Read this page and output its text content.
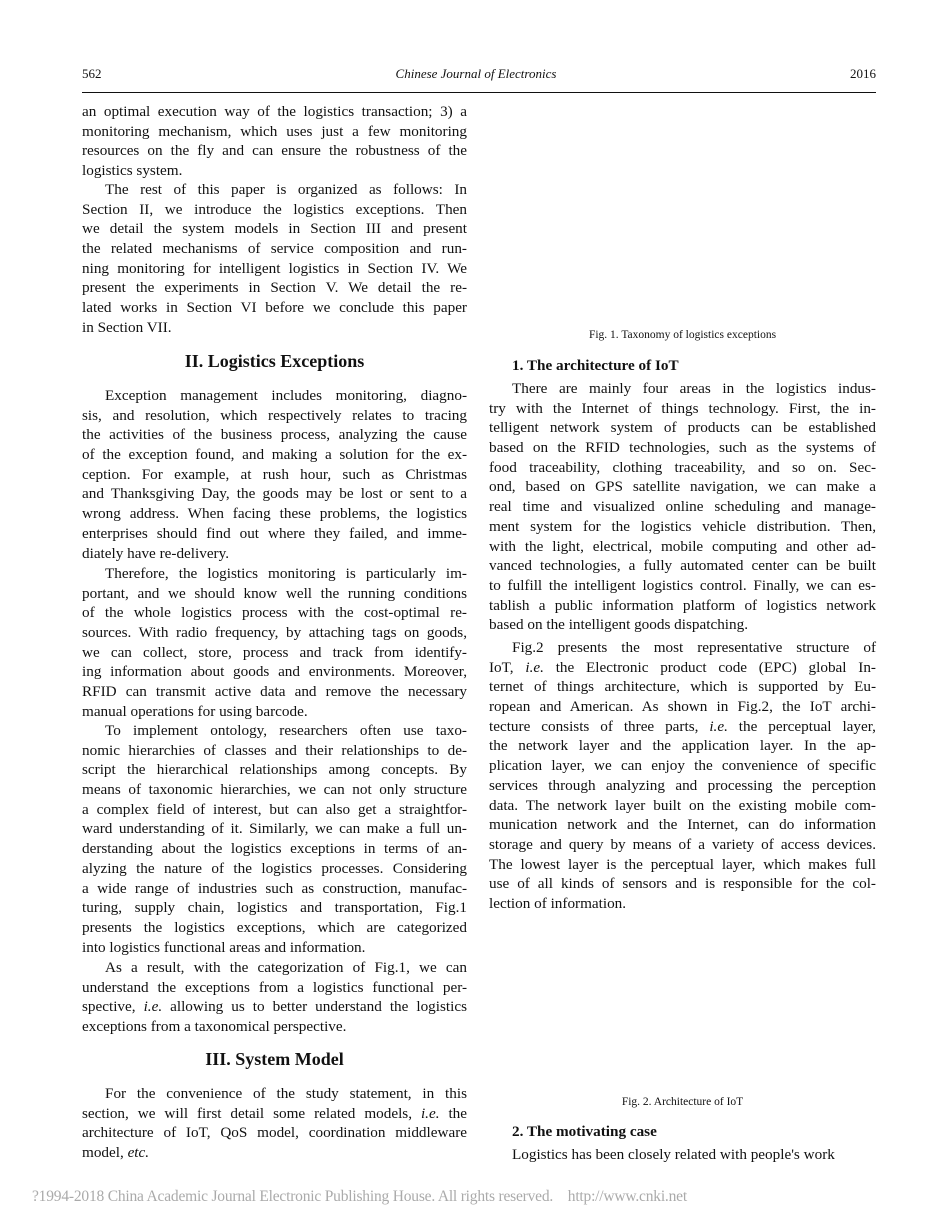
562	Chinese Journal of Electronics	2016
an optimal execution way of the logistics transaction; 3) a
monitoring mechanism, which uses just a few monitoring
resources on the fly and can ensure the robustness of the
logistics system.
The rest of this paper is organized as follows: In
Section II, we introduce the logistics exceptions. Then
we detail the system models in Section III and present
the related mechanisms of service composition and run-
ning monitoring for intelligent logistics in Section IV. We
present the experiments in Section V. We detail the re-
lated works in Section VI before we conclude this paper
in Section VII.
II. Logistics Exceptions
Exception management includes monitoring, diagno-
sis, and resolution, which respectively relates to tracing
the activities of the business process, analyzing the cause
of the exception found, and making a solution for the ex-
ception. For example, at rush hour, such as Christmas
and Thanksgiving Day, the goods may be lost or sent to a
wrong address. When facing these problems, the logistics
enterprises should find out where they failed, and imme-
diately have re-delivery.
Therefore, the logistics monitoring is particularly im-
portant, and we should know well the running conditions
of the whole logistics process with the cost-optimal re-
sources. With radio frequency, by attaching tags on goods,
we can collect, store, process and track from identify-
ing information about goods and environments. Moreover,
RFID can transmit active data and remove the necessary
manual operations for using barcode.
To implement ontology, researchers often use taxo-
nomic hierarchies of classes and their relationships to de-
script the hierarchical relationships among concepts. By
means of taxonomic hierarchies, we can not only structure
a complex field of interest, but can also get a straightfor-
ward understanding of it. Similarly, we can make a full un-
derstanding about the logistics exceptions in terms of an-
alyzing the nature of the logistics processes. Considering
a wide range of industries such as construction, manufac-
turing, supply chain, logistics and transportation, Fig.1
presents the logistics exceptions, which are categorized
into logistics functional areas and information.
As a result, with the categorization of Fig.1, we can
understand the exceptions from a logistics functional per-
spective, i.e. allowing us to better understand the logistics
exceptions from a taxonomical perspective.
III. System Model
For the convenience of the study statement, in this
section, we will first detail some related models, i.e. the
architecture of IoT, QoS model, coordination middleware
model, etc.
Fig. 1. Taxonomy of logistics exceptions
1. The architecture of IoT
There are mainly four areas in the logistics indus-
try with the Internet of things technology. First, the in-
telligent network system of products can be established
based on the RFID technologies, such as the systems of
food traceability, clothing traceability, and so on. Sec-
ond, based on GPS satellite navigation, we can make a
real time and visualized online scheduling and manage-
ment system for the logistics vehicle distribution. Then,
with the light, electrical, mobile computing and other ad-
vanced technologies, a fully automated center can be built
to fulfill the intelligent logistics control. Finally, we can es-
tablish a public information platform of logistics network
based on the intelligent goods dispatching.
Fig.2 presents the most representative structure of
IoT, i.e. the Electronic product code (EPC) global In-
ternet of things architecture, which is supported by Eu-
ropean and American. As shown in Fig.2, the IoT archi-
tecture consists of three parts, i.e. the perceptual layer,
the network layer and the application layer. In the ap-
plication layer, we can enjoy the convenience of specific
services through analyzing and processing the perception
data. The network layer built on the existing mobile com-
munication network and the Internet, can do information
storage and query by means of a variety of access devices.
The lowest layer is the perceptual layer, which makes full
use of all kinds of sensors and is responsible for the col-
lection of information.
Fig. 2. Architecture of IoT
2. The motivating case
Logistics has been closely related with people's work
?1994-2018 China Academic Journal Electronic Publishing House. All rights reserved. http://www.cnki.net
